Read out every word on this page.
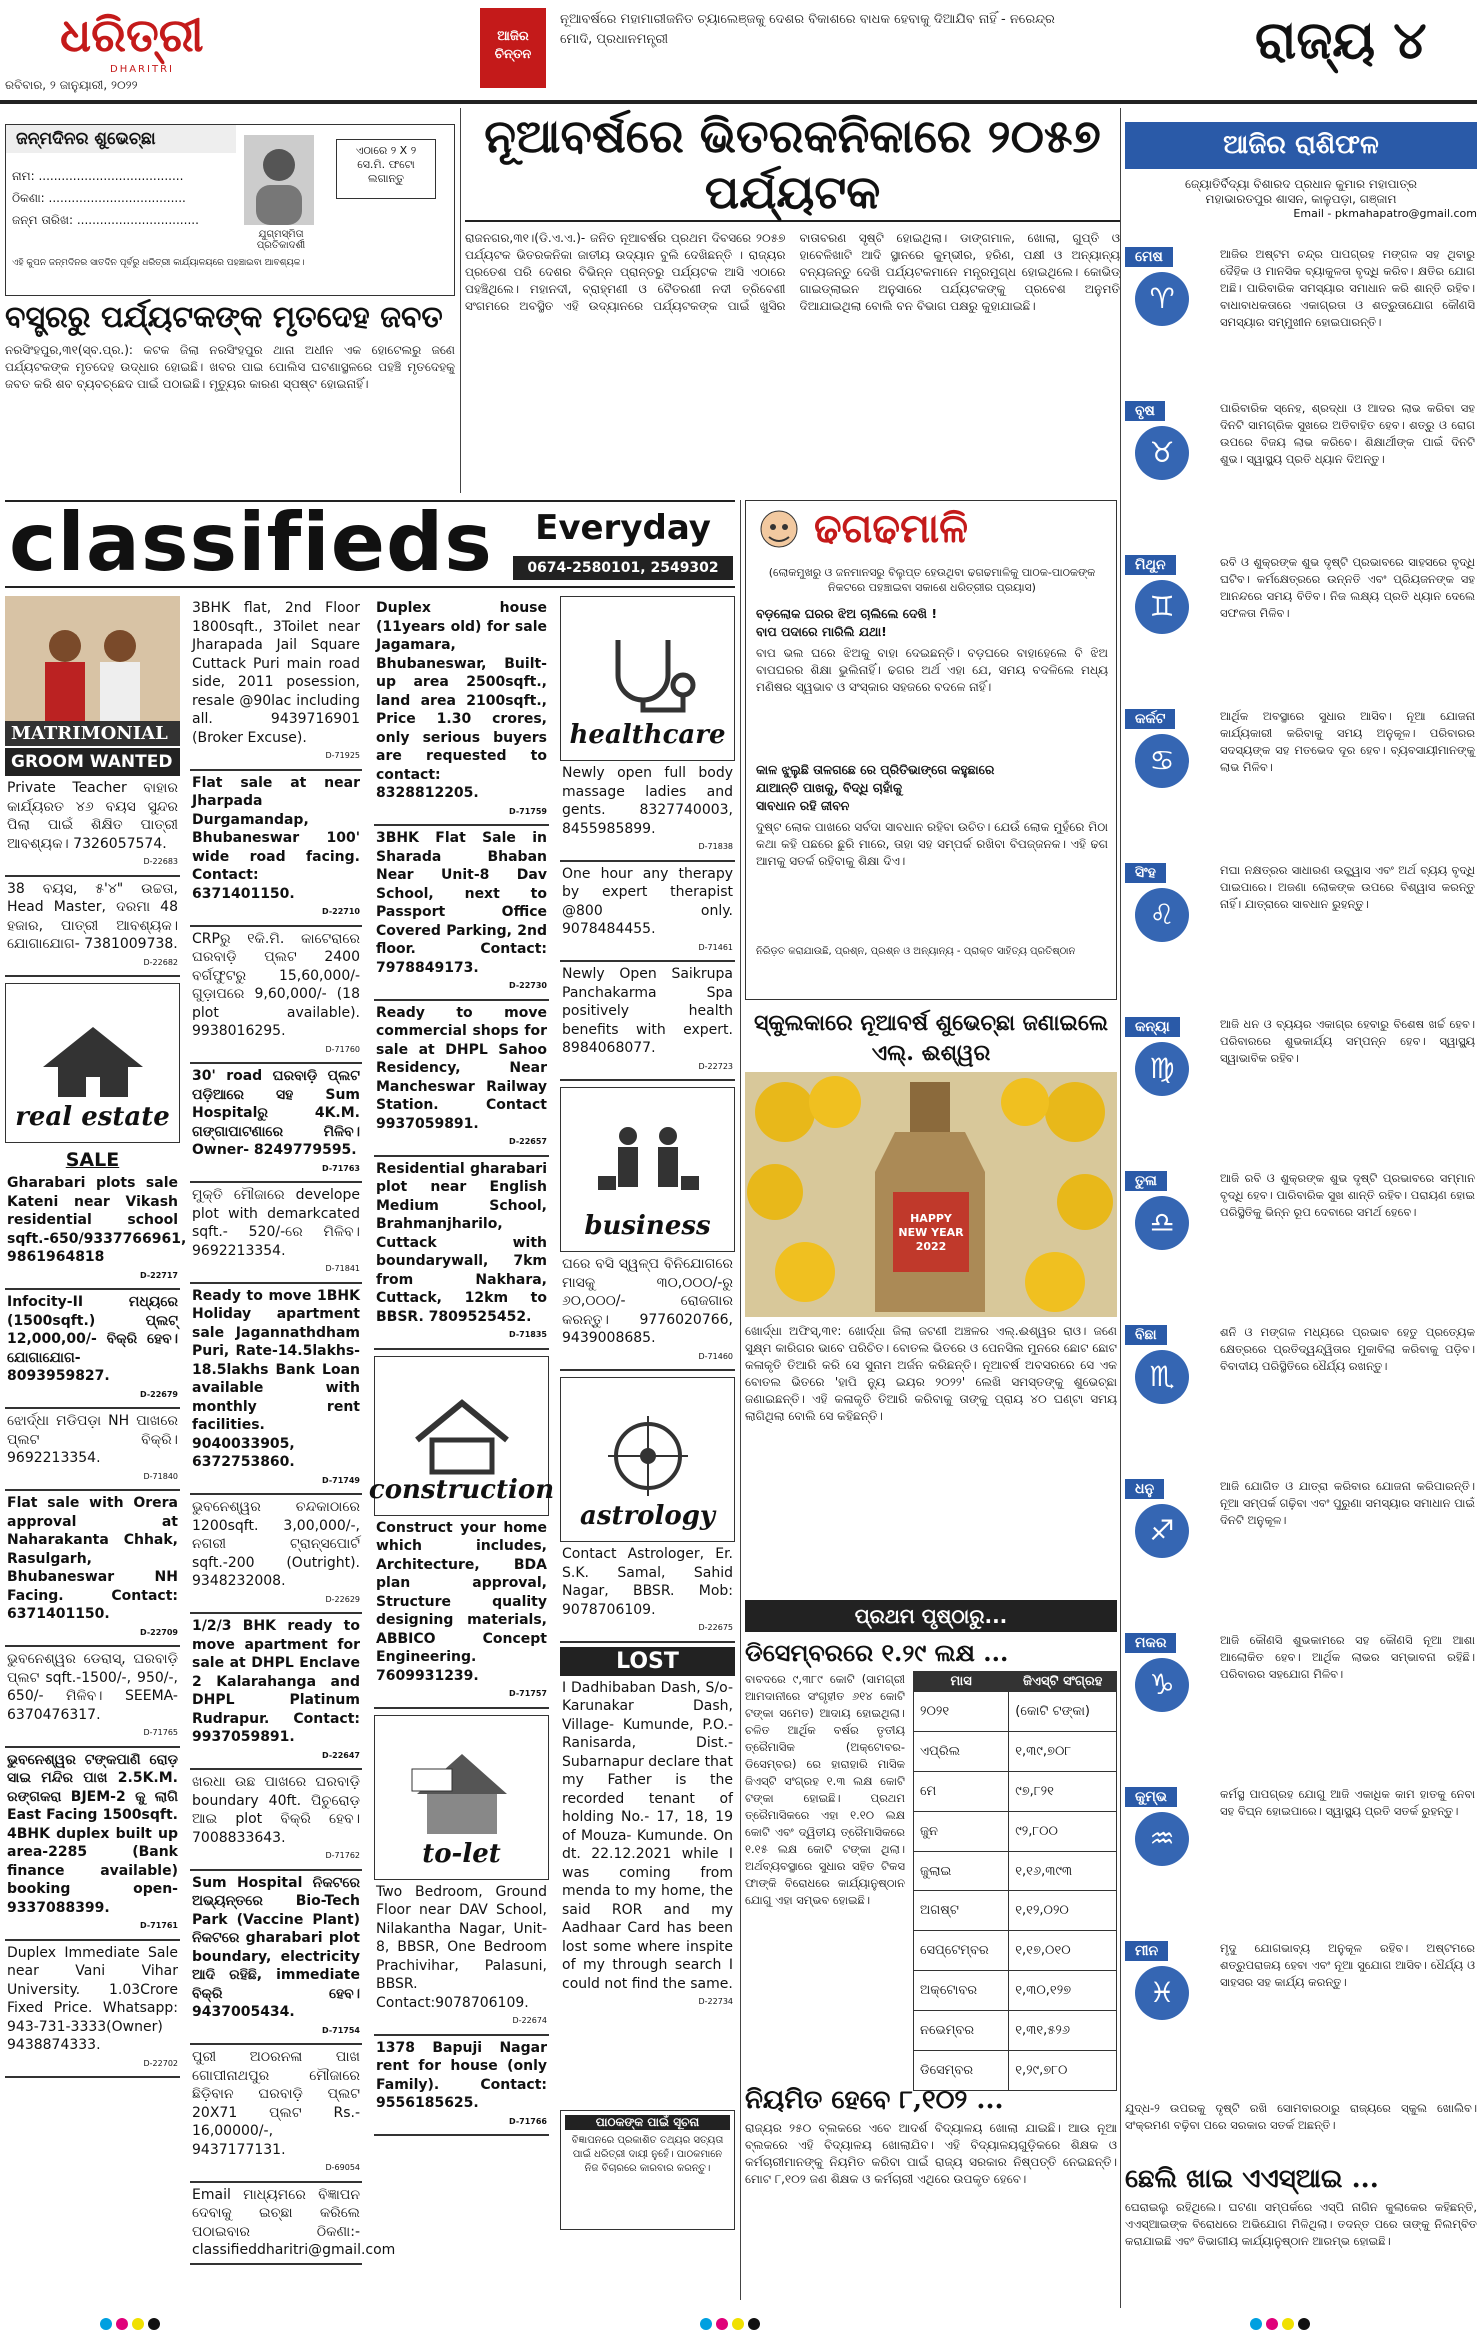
ଧରିତ୍ରୀ
DHARITRI
ରବିବାର, ୨ ଜାନୁୟାରୀ, ୨୦୨୨
ଆଜିର ଚିନ୍ତନ
ନୂଆବର୍ଷରେ ମହାମାରୀଜନିତ ଚ୍ୟାଲେଞ୍ଜକୁ ଦେଶର ବିକାଶରେ ବାଧକ ହେବାକୁ ଦିଆଯିବ ନାହିଁ - ନରେନ୍ଦ୍ର ମୋଦି, ପ୍ରଧାନମନ୍ତ୍ରୀ	ରାଜ୍ୟ ୪
ଜନ୍ମଦିନର ଶୁଭେଚ୍ଛା
ନାମ: ......................................
ଠିକଣା: ....................................
ଜନ୍ମ ତାରିଖ: ................................
ଯୁଗ୍ମସ୍ମିତା ପ୍ରତିକାଦର୍ଶୀ
ଏଠାରେ ୨ X ୨ ସେ.ମି. ଫଟୋ ଲଗାନ୍ତୁ
ଏହି କୁପନ ଜନ୍ମଦିନର ସାତଦିନ ପୂର୍ବରୁ ଧରିତ୍ରୀ କାର୍ଯ୍ୟାଳୟରେ ପହଞ୍ଚାଇବା ଆବଶ୍ୟକ।
ବସ୍ତ୍ରରୁ ପର୍ଯ୍ୟଟକଙ୍କ ମୃତଦେହ ଜବତ
ନରସିଂହପୁର,୩୧(ସ୍ବ.ପ୍ର.): କଟକ ଜିଲା ନରସିଂହପୁର ଥାନା ଅଧୀନ ଏକ ହୋଟେଲରୁ ଜଣେ ପର୍ଯ୍ୟଟକଙ୍କ ମୃତଦେହ ଉଦ୍ଧାର ହୋଇଛି। ଖବର ପାଇ ପୋଲିସ ଘଟଣାସ୍ଥଳରେ ପହଞ୍ଚି ମୃତଦେହକୁ ଜବତ କରି ଶବ ବ୍ୟବଚ୍ଛେଦ ପାଇଁ ପଠାଇଛି। ମୃତ୍ୟୁର କାରଣ ସ୍ପଷ୍ଟ ହୋଇନାହିଁ।
ନୂଆବର୍ଷରେ ଭିତରକନିକାରେ ୨୦୫୭ ପର୍ଯ୍ୟଟକ
ରାଜନଗର,୩୧।(ଡି.ଏ.ଏ.)- ଜନିତ ନୂଆବର୍ଷର ପ୍ରଥମ ଦିବସରେ ୨୦୫୭ ପର୍ଯ୍ୟଟକ ଭିତରକନିକା ଜାତୀୟ ଉଦ୍ୟାନ ବୁଲି ଦେଖିଛନ୍ତି । ରାଜ୍ୟର ପ୍ରତେଶ ପରି ଦେଶର ବିଭିନ୍ନ ପ୍ରାନ୍ତରୁ ପର୍ଯ୍ୟଟକ ଆସି ଏଠାରେ ପହଞ୍ଚିଥିଲେ। ମହାନଦୀ, ବ୍ରାହ୍ମଣୀ ଓ ବୈତରଣୀ ନଦୀ ତ୍ରିବେଣୀ ସଂଗମରେ ଅବସ୍ଥିତ ଏହି ଉଦ୍ୟାନରେ ପର୍ଯ୍ୟଟକଙ୍କ ପାଇଁ ଖୁସିର ବାତାବରଣ ସୃଷ୍ଟି ହୋଇଥିଲା। ଡାଙ୍ଗମାଳ, ଖୋଲା, ଗୁପ୍ତି ଓ ହାବେଳିଖାଟି ଆଦି ସ୍ଥାନରେ କୁମ୍ଭୀର, ହରିଣ, ପକ୍ଷୀ ଓ ଅନ୍ୟାନ୍ୟ ବନ୍ୟଜନ୍ତୁ ଦେଖି ପର୍ଯ୍ୟଟକମାନେ ମନ୍ତ୍ରମୁଗ୍ଧ ହୋଇଥିଲେ। କୋଭିଡ୍ ଗାଇଡ୍‌ଲାଇନ ଅନୁସାରେ ପର୍ଯ୍ୟଟକଙ୍କୁ ପ୍ରବେଶ ଅନୁମତି ଦିଆଯାଇଥିଲା ବୋଲି ବନ ବିଭାଗ ପକ୍ଷରୁ କୁହାଯାଇଛି।
ଆଜିର ରାଶିଫଳ
ଜ୍ୟୋତିର୍ବିଦ୍ୟା ବିଶାରଦ ପ୍ରଧାନ କୁମାର ମହାପାତ୍ର
ମହାଭାରତପୁର ଶାସନ, କାଳୁପଡ଼ା, ଗଞ୍ଜାମ
Email - pkmahapatro@gmail.com
ମେଷ
♈
ଆଜିର ଅଷ୍ଟମ ଚନ୍ଦ୍ର ପାପଗ୍ରହ ମଙ୍ଗଳ ସହ ଥିବାରୁ ଦୈହିକ ଓ ମାନସିକ ବ୍ୟାକୁଳତା ବୃଦ୍ଧି କରିବ। କ୍ଷତିର ଯୋଗ ଅଛି। ପାରିବାରିକ ସମସ୍ୟାର ସମାଧାନ କରି ଶାନ୍ତି ରହିବ। ବାଧାବାଧକତାରେ ଏକାଗ୍ରତା ଓ ଶତ୍ରୁତାଯୋଗ କୌଣସି ସମସ୍ୟାର ସମ୍ମୁଖୀନ ହୋଇପାରନ୍ତି।
ବୃଷ
♉
ପାରିବାରିକ ସ୍ନେହ, ଶ୍ରଦ୍ଧା ଓ ଆଦର ଲାଭ କରିବା ସହ ଦିନଟି ସାମଗ୍ରିକ ସୁଖରେ ଅତିବାହିତ ହେବ। ଶତ୍ରୁ ଓ ରୋଗ ଉପରେ ବିଜୟ ଲାଭ କରିବେ। ଶିକ୍ଷାର୍ଥୀଙ୍କ ପାଇଁ ଦିନଟି ଶୁଭ। ସ୍ୱାସ୍ଥ୍ୟ ପ୍ରତି ଧ୍ୟାନ ଦିଅନ୍ତୁ।
ମିଥୁନ
♊
ରବି ଓ ଶୁକ୍ରଙ୍କ ଶୁଭ ଦୃଷ୍ଟି ପ୍ରଭାବରେ ସାହସରେ ବୃଦ୍ଧି ଘଟିବ। କର୍ମକ୍ଷେତ୍ରରେ ଉନ୍ନତି ଏବଂ ପ୍ରିୟଜନଙ୍କ ସହ ଆନନ୍ଦରେ ସମୟ ବିତିବ। ନିଜ ଲକ୍ଷ୍ୟ ପ୍ରତି ଧ୍ୟାନ ଦେଲେ ସଫଳତା ମିଳିବ।
କର୍କଟ
♋
ଆର୍ଥିକ ଅବସ୍ଥାରେ ସୁଧାର ଆସିବ। ନୂଆ ଯୋଜନା କାର୍ଯ୍ୟକାରୀ କରିବାକୁ ସମୟ ଅନୁକୂଳ। ପରିବାରର ସଦସ୍ୟଙ୍କ ସହ ମତଭେଦ ଦୂର ହେବ। ବ୍ୟବସାୟୀମାନଙ୍କୁ ଲାଭ ମିଳିବ।
ସିଂହ
♌
ମଘା ନକ୍ଷତ୍ରର ସାଧାରଣ ଉଚ୍ଛ୍ୱାସ ଏବଂ ଅର୍ଥ ବ୍ୟୟ ବୃଦ୍ଧି ପାଇପାରେ। ଅଜଣା ଲୋକଙ୍କ ଉପରେ ବିଶ୍ୱାସ କରନ୍ତୁ ନାହିଁ। ଯାତ୍ରାରେ ସାବଧାନ ରୁହନ୍ତୁ।
କନ୍ୟା
♍
ଆଜି ଧନ ଓ ବ୍ୟୟର ଏକାଗ୍ର ହେବାରୁ ବିଶେଷ ଖର୍ଚ୍ଚ ହେବ। ପରିବାରରେ ଶୁଭକାର୍ଯ୍ୟ ସମ୍ପନ୍ନ ହେବ। ସ୍ୱାସ୍ଥ୍ୟ ସ୍ୱାଭାବିକ ରହିବ।
ତୁଳା
♎
ଆଜି ରବି ଓ ଶୁକ୍ରଙ୍କ ଶୁଭ ଦୃଷ୍ଟି ପ୍ରଭାବରେ ସମ୍ମାନ ବୃଦ୍ଧି ହେବ। ପାରିବାରିକ ସୁଖ ଶାନ୍ତି ରହିବ। ପରାୟଣ ହୋଇ ପରିସ୍ଥିତିକୁ ଭିନ୍ନ ରୂପ ଦେବାରେ ସମର୍ଥ ହେବେ।
ବିଛା
♏
ଶନି ଓ ମଙ୍ଗଳ ମଧ୍ୟରେ ପ୍ରଭାବ ହେତୁ ପ୍ରତ୍ୟେକ କ୍ଷେତ୍ରରେ ପ୍ରତିଦ୍ୱନ୍ଦ୍ୱିତାର ମୁକାବିଲା କରିବାକୁ ପଡ଼ିବ। ବିବାଦୀୟ ପରିସ୍ଥିତିରେ ଧୈର୍ଯ୍ୟ ରଖନ୍ତୁ।
ଧନୁ
♐
ଆଜି ଯୋଗିତ ଓ ଯାତ୍ରା କରିବାର ଯୋଜନା କରିପାରନ୍ତି। ନୂଆ ସମ୍ପର୍କ ଗଢ଼ିବା ଏବଂ ପୁରୁଣା ସମସ୍ୟାର ସମାଧାନ ପାଇଁ ଦିନଟି ଅନୁକୂଳ।
ମକର
♑
ଆଜି କୌଣସି ଶୁଭକାମରେ ସହ କୌଣସି ନୂଆ ଆଶା ଆଲୋକିତ ହେବ। ଆର୍ଥିକ ଲାଭର ସମ୍ଭାବନା ରହିଛି। ପରିବାରର ସହଯୋଗ ମିଳିବ।
କୁମ୍ଭ
♒
କର୍ମସ୍ଥ ପାପଗ୍ରହ ଯୋଗୁ ଆଜି ଏକାଧିକ କାମ ହାତକୁ ନେବା ସହ ବିଘ୍ନ ହୋଇପାରେ। ସ୍ୱାସ୍ଥ୍ୟ ପ୍ରତି ସତର୍କ ରୁହନ୍ତୁ।
ମୀନ
♓
ମୃଦୁ ଯୋଗଭାବ୍ୟ ଅନୁକୂଳ ରହିବ। ଅଷ୍ଟମରେ ଶତ୍ରୁପରାଜୟ ହେବା ଏବଂ ନୂଆ ସୁଯୋଗ ଆସିବ। ଧୈର୍ଯ୍ୟ ଓ ସାହସର ସହ କାର୍ଯ୍ୟ କରନ୍ତୁ।
classifieds	Everyday
0674-2580101, 2549302
MATRIMONIAL
GROOM WANTED
Private Teacher ବାହାର କାର୍ଯ୍ୟରତ ୪୬ ବୟସ ସୁନ୍ଦର ପିଲା ପାଇଁ ଶିକ୍ଷିତ ପାତ୍ରୀ ଆବଶ୍ୟକ। 7326057574.
D-22683
38 ବୟସ, ୫'୪" ଉଚ୍ଚତା, Head Master, ଦରମା 48 ହଜାର, ପାତ୍ରୀ ଆବଶ୍ୟକ। ଯୋଗାଯୋଗ- 7381009738.
D-22682
real estate
SALE
Gharabari plots sale Kateni near Vikash residential school sqft.-650/9337766961, 9861964818
D-22717
Infocity-II ମଧ୍ୟରେ (1500sqft.) ପ୍ଲଟ୍ 12,000,00/- ବିକ୍ରି ହେବ। ଯୋଗାଯୋଗ- 8093959827.
D-22679
ଝୋର୍ଦ୍ଧା ମଡିପଡ଼ା NH ପାଖରେ ପ୍ଲଟ ବିକ୍ରି। 9692213354.
D-71840
Flat sale with Orera approval at Naharakanta Chhak, Rasulgarh, Bhubaneswar NH Facing. Contact: 6371401150.
D-22709
ଭୁବନେଶ୍ୱର ଡେରାସ୍, ଘରବାଡ଼ି ପ୍ଲଟ sqft.-1500/-, 950/-, 650/- ମିଳିବ। SEEMA- 6370476317.
D-71765
ଭୁବନେଶ୍ୱର ଟଙ୍କପାଣି ରୋଡ଼ ସାଇ ମନ୍ଦିର ପାଖ 2.5K.M. ରଙ୍ଗକରା BJEM-2 କୁ ଲାଗି East Facing 1500sqft. 4BHK duplex built up area-2285 (Bank finance available) booking open- 9337088399.
D-71761
Duplex Immediate Sale near Vani Vihar University. 1.03Crore Fixed Price. Whatsapp: 943-731-3333(Owner) 9438874333.
D-22702
3BHK flat, 2nd Floor 1800sqft., 3Toilet near Jharapada Jail Square Cuttack Puri main road side, 2011 posession, resale @90lac including all. 9439716901 (Broker Excuse).
D-71925
Flat sale at near Jharpada Durgamandap, Bhubaneswar 100' wide road facing. Contact: 6371401150.
D-22710
CRPରୁ ୧କି.ମି. କାଟେରାରେ ଘରବାଡ଼ି ପ୍ଲଟ 2400 ବର୍ଗଫୁଟରୁ 15,60,000/- ଗୁଡ଼ାପରେ 9,60,000/- (18 plot available). 9938016295.
D-71760
30' road ଘରବାଡ଼ି ପ୍ଲଟ ପଡ଼ିଆରେ ସହ Sum Hospitalରୁ 4K.M. ଗଙ୍ଗାପାଟଣାରେ ମିଳିବ। Owner- 8249779595.
D-71763
ମୁକ୍ତି ମୌଜାରେ develope plot with demarkcated sqft.- 520/-ରେ ମିଳିବ। 9692213354.
D-71841
Ready to move 1BHK Holiday apartment sale Jagannathdham Puri, Rate-14.5lakhs-18.5lakhs Bank Loan available with monthly rent facilities. 9040033905, 6372753860.
D-71749
ଭୁବନେଶ୍ୱର ଚନ୍ଦକାଠାରେ 1200sqft. 3,00,000/-, ନଗରୀ ଟ୍ରାନ୍‌ସପୋର୍ଟ sqft.-200 (Outright). 9348232008.
D-22629
1/2/3 BHK ready to move apartment for sale at DHPL Enclave 2 Kalarahanga and DHPL Platinum Rudrapur. Contact: 9937059891.
D-22647
ଖରଧା ଉଛ ପାଖରେ ଘରବାଡ଼ି boundary 40ft. ପିଚୁରୋଡ଼ ଆଇ plot ବିକ୍ରି ହେବ। 7008833643.
D-71762
Sum Hospital ନିକଟରେ ଅଭ୍ୟନ୍ତରେ Bio-Tech Park (Vaccine Plant) ନିକଟରେ gharabari plot boundary, electricity ଆଦି ରହିଛି, immediate ବିକ୍ରି ହେବ। 9437005434.
D-71754
ପୁରୀ ଅଠରନଳା ପାଖ ଗୋପୀନାଥପୁର ମୌଜାରେ ଛିଡ଼ିବାନ ଘରବାଡ଼ି ପ୍ଲଟ 20X71 ପ୍ଲଟ Rs.- 16,00000/-, 9437177131.
D-69054
Email ମାଧ୍ୟମରେ ବିଜ୍ଞାପନ ଦେବାକୁ ଇଚ୍ଛା କରିଲେ ପଠାଇବାର ଠିକଣା:- classifieddharitri@gmail.com
Duplex house (11years old) for sale Jagamara, Bhubaneswar, Built-up area 2500sqft., land area 2100sqft., Price 1.30 crores, only serious buyers are requested to contact: 8328812205.
D-71759
3BHK Flat Sale in Sharada Bhaban Near Unit-8 Dav School, next to Passport Office Covered Parking, 2nd floor. Contact: 7978849173.
D-22730
Ready to move commercial shops for sale at DHPL Sahoo Residency, Near Mancheswar Railway Station. Contact 9937059891.
D-22657
Residential gharabari plot near English Medium School, Brahmanjharilo, Cuttack with boundarywall, 7km from Nakhara, Cuttack, 12km to BBSR. 7809525452.
D-71835
construction
Construct your home which includes, Architecture, BDA plan approval, Structure quality designing materials, ABBICO Concept Engineering. 7609931239.
D-71757
to-let
Two Bedroom, Ground Floor near DAV School, Nilakantha Nagar, Unit-8, BBSR, One Bedroom Prachivihar, Palasuni, BBSR. Contact:9078706109.
D-22674
1378 Bapuji Nagar rent for house (only Family). Contact: 9556185625.
D-71766
healthcare
Newly open full body massage ladies and gents. 8327740003, 8455985899.
D-71838
One hour any therapy by expert therapist @800 only. 9078484455.
D-71461
Newly Open Saikrupa Panchakarma Spa positively health benefits with expert. 8984068077.
D-22723
business
ଘରେ ବସି ସ୍ୱଳ୍ପ ବିନିଯୋଗରେ ମାସକୁ ୩୦,୦୦୦/-ରୁ ୬୦,୦୦୦/- ରୋଜଗାର କରନ୍ତୁ। 9776020766, 9439008685.
D-71460
astrology
Contact Astrologer, Er. S.K. Samal, Sahid Nagar, BBSR. Mob: 9078706109.
D-22675
LOST
I Dadhibaban Dash, S/o- Karunakar Dash, Village- Kumunde, P.O.- Ranisarda, Dist.- Subarnapur declare that my Father is the recorded tenant of holding No.- 17, 18, 19 of Mouza- Kumunde. On dt. 22.12.2021 while I was coming from menda to my home, the said ROR and my Aadhaar Card has been lost some where inspite of my through search I could not find the same.
D-22734
ଢଗଢମାଳି
(ଲୋକମୁଖରୁ ଓ ଜନମାନସରୁ ବିଲୁପ୍ତ ହେଉଥିବା ଢଗଢମାଳିକୁ ପାଠକ-ପାଠକଙ୍କ ନିକଟରେ ପହଞ୍ଚାଇବା ସକାଶେ ଧରିତ୍ରୀର ପ୍ରୟାସ)
ବଡ଼ଲୋକ ଘରର ଝିଅ ଚାଲିଲେ ଦେଖି !
ବାପ ପଦାରେ ମାରିଲି ଯଥା!
ବାପ ଭଲ ଘରେ ଝିଅକୁ ବାହା ଦେଇଛନ୍ତି। ବଡ଼ଘରେ ବାହାହେଲେ ବି ଝିଅ ବାପଘରର ଶିକ୍ଷା ଭୁଲିନାହିଁ। ଢଗର ଅର୍ଥ ଏହା ଯେ, ସମୟ ବଦଳିଲେ ମଧ୍ୟ ମଣିଷର ସ୍ୱଭାବ ଓ ସଂସ୍କାର ସହଜରେ ବଦଳେ ନାହିଁ।
କାଳ ଝୁଲୁଛି ତାଳଗଛେ ରେ ପ୍ରିତିଭାଙ୍ଗେ କହୁଛାରେ
ଯାଆନ୍ତି ପାଖକୁ, ବିଦ୍ଧି ଚାହାଁକୁ
ସାବଧାନ ରହି ଜୀବନ
ଦୁଷ୍ଟ ଲୋକ ପାଖରେ ସର୍ବଦା ସାବଧାନ ରହିବା ଉଚିତ। ଯେଉଁ ଲୋକ ମୁହଁରେ ମିଠା କଥା କହି ପଛରେ ଛୁରି ମାରେ, ତାହା ସହ ସମ୍ପର୍କ ରଖିବା ବିପଜ୍ଜନକ। ଏହି ଢଗ ଆମକୁ ସତର୍କ ରହିବାକୁ ଶିକ୍ଷା ଦିଏ।
ନିରିଡ଼ତ କରାଯାଉଛି, ପ୍ରଶ୍ନ, ପ୍ରଶ୍ନ ଓ ଅନ୍ୟାନ୍ୟ - ପ୍ରାକ୍ତ ସାହିତ୍ୟ ପ୍ରତିଷ୍ଠାନ
ସ୍କୁଲକାରେ ନୂଆବର୍ଷ ଶୁଭେଚ୍ଛା ଜଣାଇଲେ ଏଲ୍. ଈଶ୍ୱର
HAPPY NEW YEAR 2022
ଖୋର୍ଦ୍ଧା ଅଫିସ୍,୩୧: ଖୋର୍ଦ୍ଧା ଜିଲା ଜଟଣୀ ଅଞ୍ଚଳର ଏଲ୍.ଈଶ୍ୱର ରାଓ। ଜଣେ ସୁକ୍ଷ୍ମ କାରିଗର ଭାବେ ପରିଚିତ। ବୋତଲ ଭିତରେ ଓ ପେନସିଲ ମୁନରେ ଛୋଟ ଛୋଟ କଳାକୃତି ତିଆରି କରି ସେ ସୁନାମ ଅର୍ଜନ କରିଛନ୍ତି। ନୂଆବର୍ଷ ଅବସରରେ ସେ ଏକ ବୋତଲ ଭିତରେ 'ହାପି ନ୍ୟୁ ଇୟର ୨୦୨୨' ଲେଖି ସମସ୍ତଙ୍କୁ ଶୁଭେଚ୍ଛା ଜଣାଇଛନ୍ତି। ଏହି କଳାକୃତି ତିଆରି କରିବାକୁ ତାଙ୍କୁ ପ୍ରାୟ ୪୦ ଘଣ୍ଟା ସମୟ ଲାଗିଥିଲା ବୋଲି ସେ କହିଛନ୍ତି।
ପ୍ରଥମ ପୃଷ୍ଠାରୁ...
ଡିସେମ୍ବରରେ ୧.୨୯ ଲକ୍ଷ ...
ବାବଦରେ ୯,୩୮୯ କୋଟି (ସାମଗ୍ରୀ ଆମଦାନୀରେ ସଂଗୃହୀତ ୬୧୪ କୋଟି ଟଙ୍କା ସମେତ) ଆଦାୟ ହୋଇଥିଲା। ଚଳିତ ଆର୍ଥିକ ବର୍ଷର ତୃତୀୟ ତ୍ରୈମାସିକ (ଅକ୍ଟୋବର-ଡିସେମ୍ବର) ରେ ହାରାହାରି ମାସିକ ଜିଏସ୍‌ଟି ସଂଗ୍ରହ ୧.୩ ଲକ୍ଷ କୋଟି ଟଙ୍କା ହୋଇଛି। ପ୍ରଥମ ତ୍ରୈମାସିକରେ ଏହା ୧.୧୦ ଲକ୍ଷ କୋଟି ଏବଂ ଦ୍ୱିତୀୟ ତ୍ରୈମାସିକରେ ୧.୧୫ ଲକ୍ଷ କୋଟି ଟଙ୍କା ଥିଲା। ଅର୍ଥବ୍ୟବସ୍ଥାରେ ସୁଧାର ସହିତ ଟିକସ ଫାଙ୍କି ବିରୋଧରେ କାର୍ଯ୍ୟାନୁଷ୍ଠାନ ଯୋଗୁ ଏହା ସମ୍ଭବ ହୋଇଛି।
ମାସ	ଜିଏସ୍‌ଟି ସଂଗ୍ରହ
୨୦୨୧	(କୋଟି ଟଙ୍କା)
ଏପ୍ରିଲ	୧,୩୯,୭୦୮
ମେ	୯୭,୮୨୧
ଜୁନ	୯୨,୮୦୦
ଜୁଲାଇ	୧,୧୬,୩୯୩
ଅଗଷ୍ଟ	୧,୧୨,୦୨୦
ସେପ୍ଟେମ୍ବର	୧,୧୭,୦୧୦
ଅକ୍ଟୋବର	୧,୩୦,୧୨୭
ନଭେମ୍ବର	୧,୩୧,୫୨୬
ଡିସେମ୍ବର	୧,୨୯,୭୮୦
ନିୟମିତ ହେବେ ୮,୧୦୨ ...
ରାଜ୍ୟର ୨୫୦ ବ୍ଲକରେ ଏବେ ଆଦର୍ଶ ବିଦ୍ୟାଳୟ ଖୋଲା ଯାଇଛି। ଆଉ ନୂଆ ବ୍ଲକରେ ଏହି ବିଦ୍ୟାଳୟ ଖୋଲାଯିବ। ଏହି ବିଦ୍ୟାଳୟଗୁଡ଼ିକରେ ଶିକ୍ଷକ ଓ କର୍ମଚାରୀମାନଙ୍କୁ ନିୟମିତ କରିବା ପାଇଁ ରାଜ୍ୟ ସରକାର ନିଷ୍ପତ୍ତି ନେଇଛନ୍ତି। ମୋଟ ୮,୧୦୨ ଜଣ ଶିକ୍ଷକ ଓ କର୍ମଚାରୀ ଏଥିରେ ଉପକୃତ ହେବେ।
ପାଠକଙ୍କ ପାଇଁ ସୂଚନା
ବିଜ୍ଞାପନରେ ପ୍ରକାଶିତ ତଥ୍ୟର ସତ୍ୟତା ପାଇଁ ଧରିତ୍ରୀ ଦାୟୀ ନୁହେଁ। ପାଠକମାନେ ନିଜ ବିଚାରରେ କାରବାର କରନ୍ତୁ।
ଯୁଦ୍ଧ-୨ ଉପରକୁ ଦୃଷ୍ଟି ରଖି ସୋମବାରଠାରୁ ରାଜ୍ୟରେ ସ୍କୁଲ ଖୋଲିବ। ସଂକ୍ରମଣ ବଢ଼ିବା ପରେ ସରକାର ସତର୍କ ଅଛନ୍ତି।
ଛେଲି ଖାଇ ଏଏସ୍ଆଇ ...
ଘେରାଇଲୁ ରହିଥିଲେ। ଘଟଣା ସମ୍ପର୍କରେ ଏସ୍‌ପି ନାଗିନ କୁଲାକେର କହିଛନ୍ତି, ଏଏସ୍ଆଇଙ୍କ ବିରୋଧରେ ଅଭିଯୋଗ ମିଳିଥିଲା। ତଦନ୍ତ ପରେ ତାଙ୍କୁ ନିଲମ୍ବିତ କରାଯାଇଛି ଏବଂ ବିଭାଗୀୟ କାର୍ଯ୍ୟାନୁଷ୍ଠାନ ଆରମ୍ଭ ହୋଇଛି।
